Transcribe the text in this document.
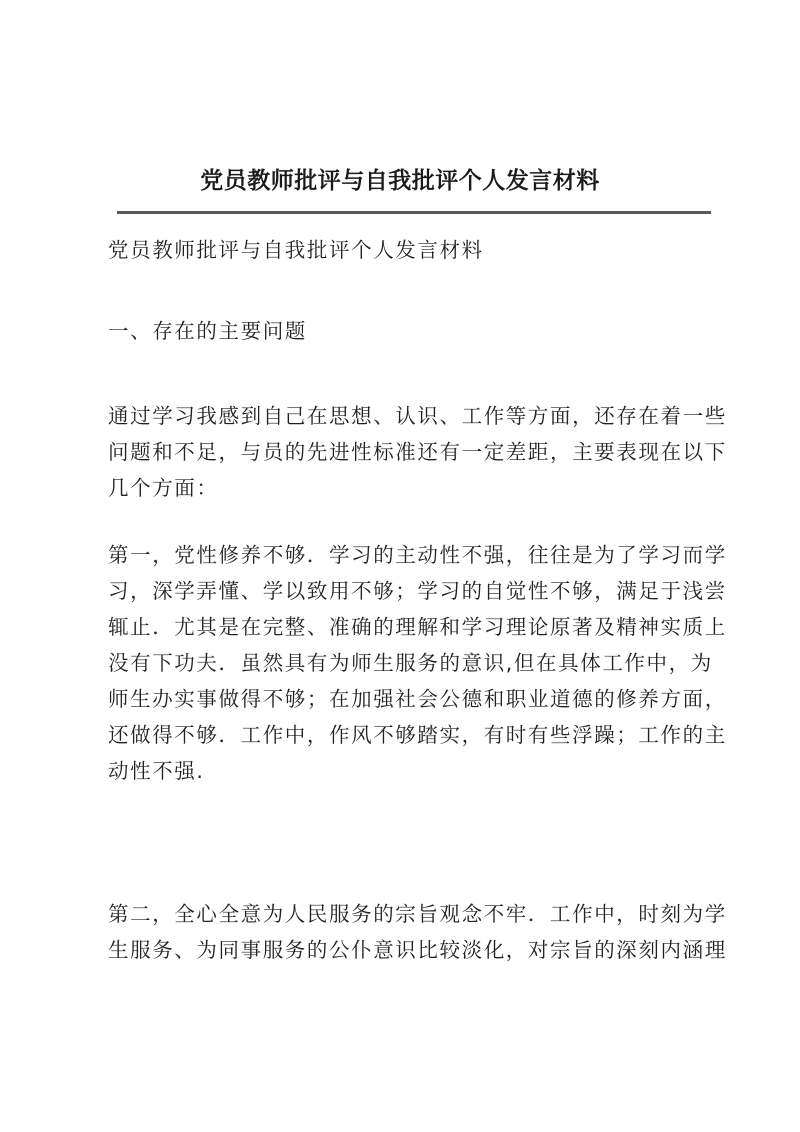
党员教师批评与自我批评个人发言材料
党员教师批评与自我批评个人发言材料
一、存在的主要问题
通过学习我感到自己在思想、认识、工作等方面，还存在着一些
问题和不足，与员的先进性标准还有一定差距，主要表现在以下
几个方面：
第一，党性修养不够．学习的主动性不强，往往是为了学习而学
习，深学弄懂、学以致用不够；学习的自觉性不够，满足于浅尝
辄止．尤其是在完整、准确的理解和学习理论原著及精神实质上
没有下功夫．虽然具有为师生服务的意识,但在具体工作中，为
师生办实事做得不够；在加强社会公德和职业道德的修养方面，
还做得不够．工作中，作风不够踏实，有时有些浮躁；工作的主
动性不强.
第二，全心全意为人民服务的宗旨观念不牢．工作中，时刻为学
生服务、为同事服务的公仆意识比较淡化，对宗旨的深刻内涵理
